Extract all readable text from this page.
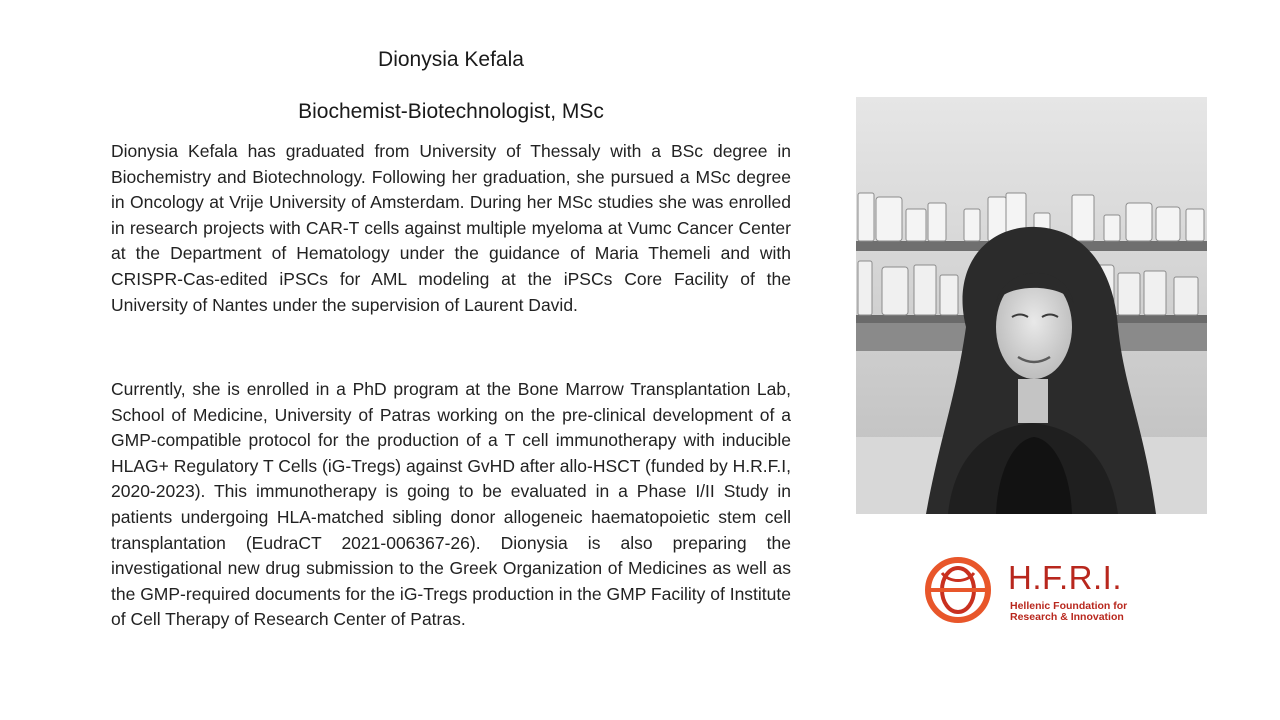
Dionysia Kefala
Biochemist-Biotechnologist, MSc

Dionysia Kefala has graduated from University of Thessaly with a BSc degree in Biochemistry and Biotechnology. Following her graduation, she pursued a MSc degree in Oncology at Vrije University of Amsterdam. During her MSc studies she was enrolled in research projects with CAR-T cells against multiple myeloma at Vumc Cancer Center at the Department of Hematology under the guidance of Maria Themeli and with CRISPR-Cas-edited iPSCs for AML modeling at the iPSCs Core Facility of the University of Nantes under the supervision of Laurent David.

Currently, she is enrolled in a PhD program at the Bone Marrow Transplantation Lab, School of Medicine, University of Patras working on the pre-clinical development of a GMP-compatible protocol for the production of a T cell immunotherapy with inducible HLAG+ Regulatory T Cells (iG-Tregs) against GvHD after allo-HSCT (funded by H.R.F.I, 2020-2023). This immunotherapy is going to be evaluated in a Phase I/II Study in patients undergoing HLA-matched sibling donor allogeneic haematopoietic stem cell transplantation (EudraCT 2021-006367-26). Dionysia is also preparing the investigational new drug submission to the Greek Organization of Medicines as well as the GMP-required documents for the iG-Tregs production in the GMP Facility of Institute of Cell Therapy of Research Center of Patras.

H.F.R.I.
Hellenic Foundation for
Research & Innovation
